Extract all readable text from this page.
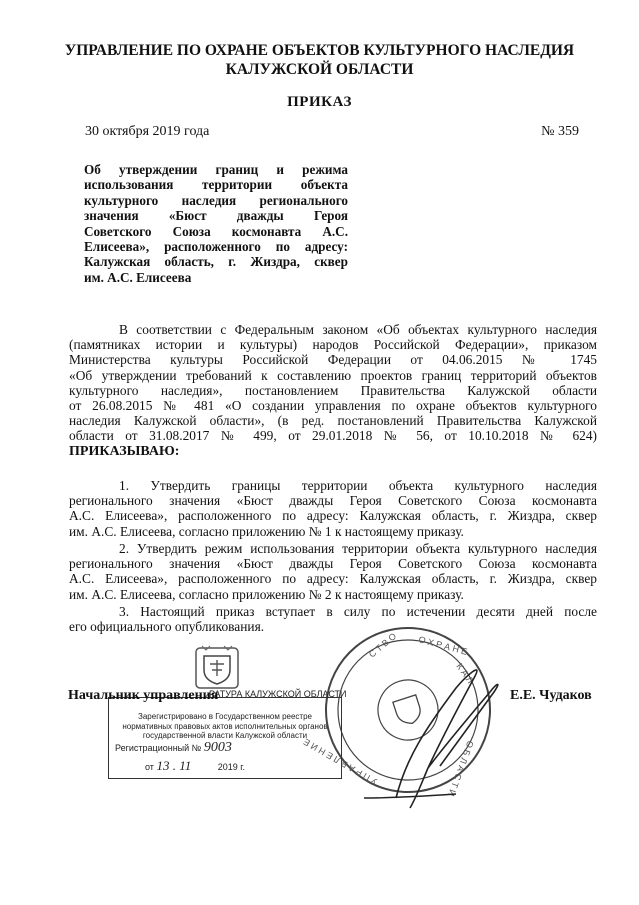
УПРАВЛЕНИЕ ПО ОХРАНЕ ОБЪЕКТОВ КУЛЬТУРНОГО НАСЛЕДИЯ
КАЛУЖСКОЙ ОБЛАСТИ
ПРИКАЗ
30 октября 2019 года	№ 359
Об утверждении границ и режима
использования территории объекта
культурного наследия регионального
значения «Бюст дважды Героя
Советского Союза космонавта А.С.
Елисеева», расположенного по адресу:
Калужская область, г. Жиздра, сквер
им. А.С. Елисеева
В соответствии с Федеральным законом «Об объектах культурного наследия
(памятниках истории и культуры) народов Российской Федерации», приказом
Министерства культуры Российской Федерации от 04.06.2015 № 1745
«Об утверждении требований к составлению проектов границ территорий объектов
культурного наследия», постановлением Правительства Калужской области
от 26.08.2015 № 481 «О создании управления по охране объектов культурного
наследия Калужской области», (в ред. постановлений Правительства Калужской
области от 31.08.2017 № 499, от 29.01.2018 № 56, от 10.10.2018 № 624)
ПРИКАЗЫВАЮ:
1. Утвердить границы территории объекта культурного наследия
регионального значения «Бюст дважды Героя Советского Союза космонавта
А.С. Елисеева», расположенного по адресу: Калужская область, г. Жиздра, сквер
им. А.С. Елисеева, согласно приложению № 1 к настоящему приказу.
2. Утвердить режим использования территории объекта культурного наследия
регионального значения «Бюст дважды Героя Советского Союза космонавта
А.С. Елисеева», расположенного по адресу: Калужская область, г. Жиздра, сквер
им. А.С. Елисеева, согласно приложению № 2 к настоящему приказу.
3. Настоящий приказ вступает в силу по истечении десяти дней после
его официального опубликования.
С Т В О О Х Р А Н Е
К А Л
О Б Л А С Т И
У П Р А В Л Е Н И Е
РАТУРА КАЛУЖСКОЙ ОБЛАСТИ
Зарегистрировано в Государственном реестре нормативных правовых актов исполнительных органов государственной власти Калужской области
Регистрационный № 9003
от 13 . 11	2019 г.
Начальник управления	Е.Е. Чудаков
